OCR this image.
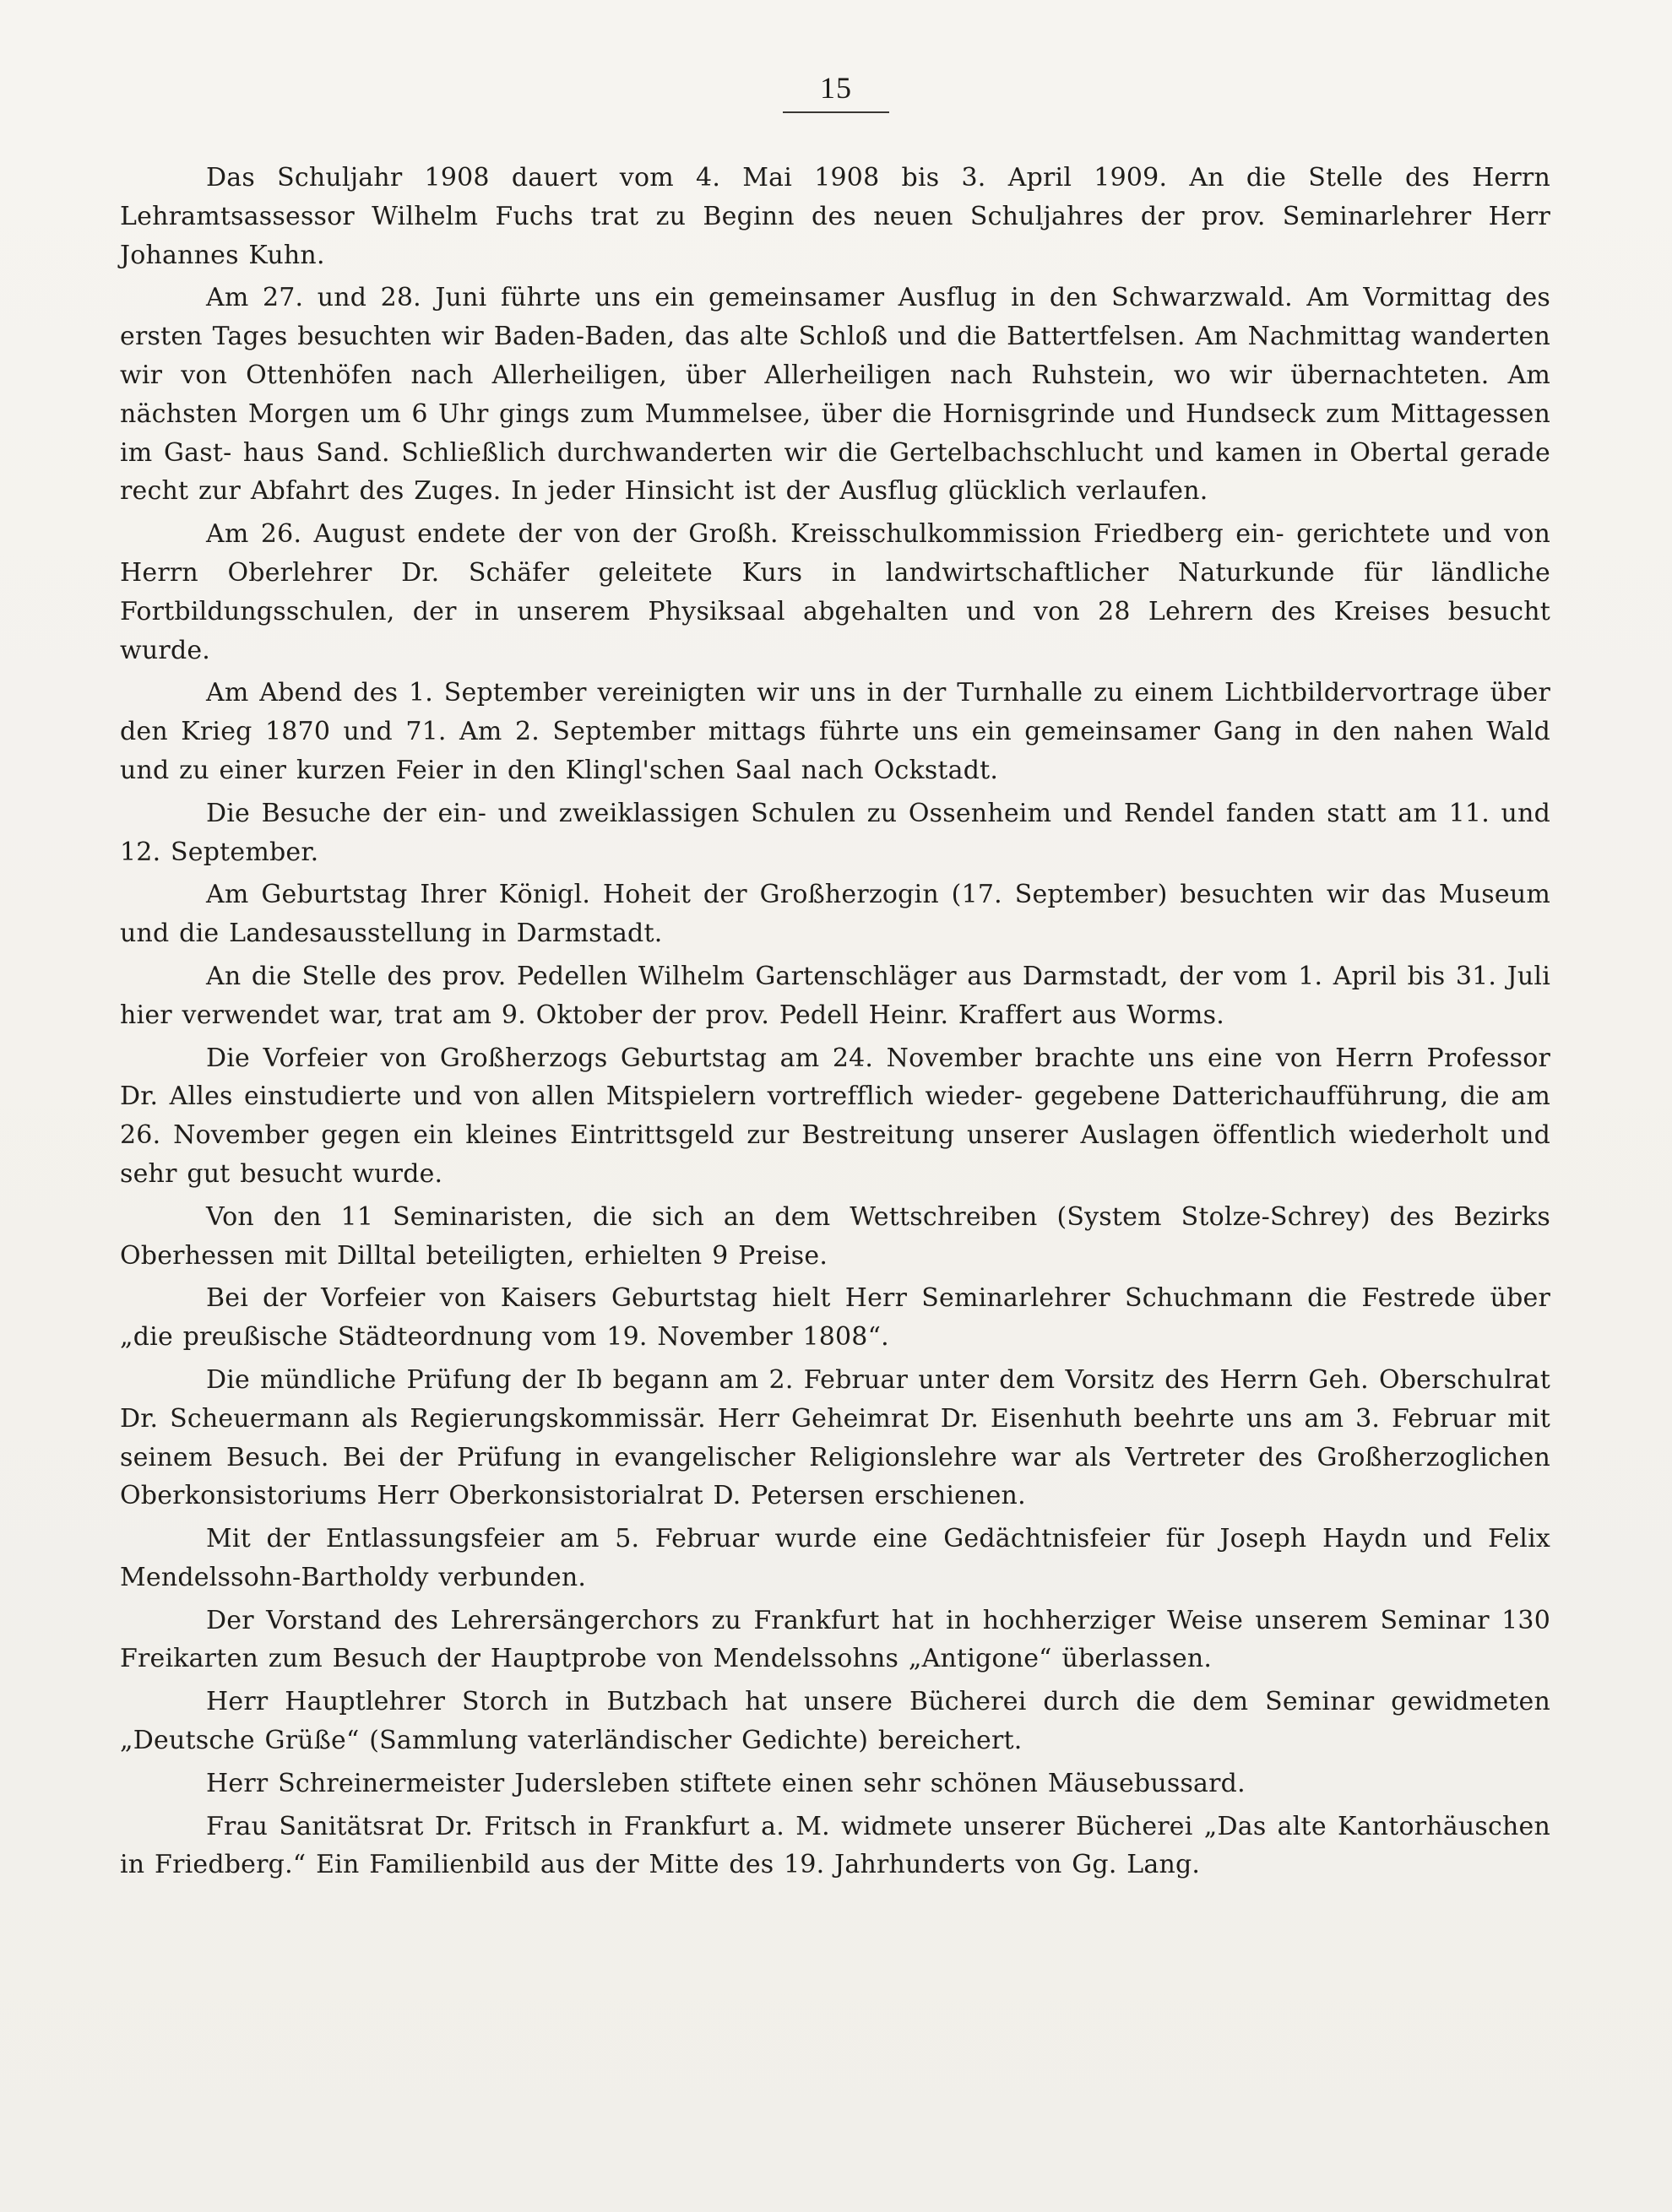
15

Das Schuljahr 1908 dauert vom 4. Mai 1908 bis 3. April 1909. An die Stelle des Herrn Lehramtsassessor Wilhelm Fuchs trat zu Beginn des neuen Schuljahres der prov. Seminarlehrer Herr Johannes Kuhn.

Am 27. und 28. Juni führte uns ein gemeinsamer Ausflug in den Schwarzwald. Am Vormittag des ersten Tages besuchten wir Baden-Baden, das alte Schloß und die Battertfelsen. Am Nachmittag wanderten wir von Ottenhöfen nach Allerheiligen, über Allerheiligen nach Ruhstein, wo wir übernachteten. Am nächsten Morgen um 6 Uhr gings zum Mummelsee, über die Hornisgrinde und Hundseck zum Mittagessen im Gast- haus Sand. Schließlich durchwanderten wir die Gertelbachschlucht und kamen in Obertal gerade recht zur Abfahrt des Zuges. In jeder Hinsicht ist der Ausflug glücklich verlaufen.

Am 26. August endete der von der Großh. Kreisschulkommission Friedberg ein- gerichtete und von Herrn Oberlehrer Dr. Schäfer geleitete Kurs in landwirtschaftlicher Naturkunde für ländliche Fortbildungsschulen, der in unserem Physiksaal abgehalten und von 28 Lehrern des Kreises besucht wurde.

Am Abend des 1. September vereinigten wir uns in der Turnhalle zu einem Lichtbildervortrage über den Krieg 1870 und 71. Am 2. September mittags führte uns ein gemeinsamer Gang in den nahen Wald und zu einer kurzen Feier in den Klingl'schen Saal nach Ockstadt.

Die Besuche der ein- und zweiklassigen Schulen zu Ossenheim und Rendel fanden statt am 11. und 12. September.

Am Geburtstag Ihrer Königl. Hoheit der Großherzogin (17. September) besuchten wir das Museum und die Landesausstellung in Darmstadt.

An die Stelle des prov. Pedellen Wilhelm Gartenschläger aus Darmstadt, der vom 1. April bis 31. Juli hier verwendet war, trat am 9. Oktober der prov. Pedell Heinr. Kraffert aus Worms.

Die Vorfeier von Großherzogs Geburtstag am 24. November brachte uns eine von Herrn Professor Dr. Alles einstudierte und von allen Mitspielern vortrefflich wieder- gegebene Datterichaufführung, die am 26. November gegen ein kleines Eintrittsgeld zur Bestreitung unserer Auslagen öffentlich wiederholt und sehr gut besucht wurde.

Von den 11 Seminaristen, die sich an dem Wettschreiben (System Stolze-Schrey) des Bezirks Oberhessen mit Dilltal beteiligten, erhielten 9 Preise.

Bei der Vorfeier von Kaisers Geburtstag hielt Herr Seminarlehrer Schuchmann die Festrede über „die preußische Städteordnung vom 19. November 1808“.

Die mündliche Prüfung der Ib begann am 2. Februar unter dem Vorsitz des Herrn Geh. Oberschulrat Dr. Scheuermann als Regierungskommissär. Herr Geheimrat Dr. Eisenhuth beehrte uns am 3. Februar mit seinem Besuch. Bei der Prüfung in evangelischer Religionslehre war als Vertreter des Großherzoglichen Oberkonsistoriums Herr Oberkonsistorialrat D. Petersen erschienen.

Mit der Entlassungsfeier am 5. Februar wurde eine Gedächtnisfeier für Joseph Haydn und Felix Mendelssohn-Bartholdy verbunden.

Der Vorstand des Lehrersängerchors zu Frankfurt hat in hochherziger Weise unserem Seminar 130 Freikarten zum Besuch der Hauptprobe von Mendelssohns „Antigone“ überlassen.

Herr Hauptlehrer Storch in Butzbach hat unsere Bücherei durch die dem Seminar gewidmeten „Deutsche Grüße“ (Sammlung vaterländischer Gedichte) bereichert.

Herr Schreinermeister Judersleben stiftete einen sehr schönen Mäusebussard.

Frau Sanitätsrat Dr. Fritsch in Frankfurt a. M. widmete unserer Bücherei „Das alte Kantorhäuschen in Friedberg.“ Ein Familienbild aus der Mitte des 19. Jahrhunderts von Gg. Lang.
